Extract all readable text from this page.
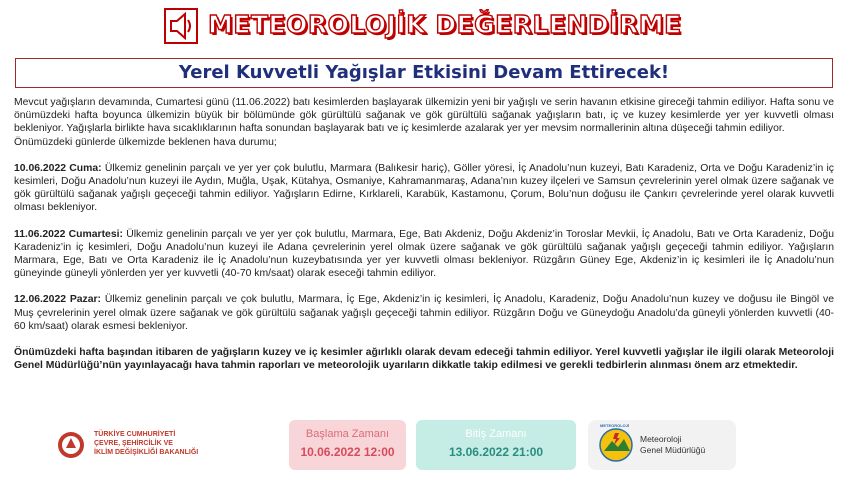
METEOROLOJİK DEĞERLENDİRME
Yerel Kuvvetli Yağışlar Etkisini Devam Ettirecek!

Mevcut yağışların devamında, Cumartesi günü (11.06.2022) batı kesimlerden başlayarak ülkemizin yeni bir yağışlı ve serin havanın etkisine gireceği tahmin ediliyor. Hafta sonu ve önümüzdeki hafta boyunca ülkemizin büyük bir bölümünde gök gürültülü sağanak ve gök gürültülü sağanak yağışların batı, iç ve kuzey kesimlerde yer yer kuvvetli olması bekleniyor. Yağışlarla birlikte hava sıcaklıklarının hafta sonundan başlayarak batı ve iç kesimlerde azalarak yer yer mevsim normallerinin altına düşeceği tahmin ediliyor.

Önümüzdeki günlerde ülkemizde beklenen hava durumu;

10.06.2022 Cuma: Ülkemiz genelinin parçalı ve yer yer çok bulutlu, Marmara (Balıkesir hariç), Göller yöresi, İç Anadolu’nun kuzeyi, Batı Karadeniz, Orta ve Doğu Karadeniz’in iç kesimleri, Doğu Anadolu’nun kuzeyi ile Aydın, Muğla, Uşak, Kütahya, Osmaniye, Kahramanmaraş, Adana’nın kuzey ilçeleri ve Samsun çevrelerinin yerel olmak üzere sağanak ve gök gürültülü sağanak yağışlı geçeceği tahmin ediliyor. Yağışların Edirne, Kırklareli, Karabük, Kastamonu, Çorum, Bolu’nun doğusu ile Çankırı çevrelerinde yerel olarak kuvvetli olması bekleniyor.

11.06.2022 Cumartesi: Ülkemiz genelinin parçalı ve yer yer çok bulutlu, Marmara, Ege, Batı Akdeniz, Doğu Akdeniz’in Toroslar Mevkii, İç Anadolu, Batı ve Orta Karadeniz, Doğu Karadeniz’in iç kesimleri, Doğu Anadolu’nun kuzeyi ile Adana çevrelerinin yerel olmak üzere sağanak ve gök gürültülü sağanak yağışlı geçeceği tahmin ediliyor. Yağışların Marmara, Ege, Batı ve Orta Karadeniz ile İç Anadolu’nun kuzeybatısında yer yer kuvvetli olması bekleniyor. Rüzgârın Güney Ege, Akdeniz’in iç kesimleri ile İç Anadolu’nun güneyinde güneyli yönlerden yer yer kuvvetli (40-70 km/saat) olarak eseceği tahmin ediliyor.

12.06.2022 Pazar: Ülkemiz genelinin parçalı ve çok bulutlu, Marmara, İç Ege, Akdeniz’in iç kesimleri, İç Anadolu, Karadeniz, Doğu Anadolu’nun kuzey ve doğusu ile Bingöl ve Muş çevrelerinin yerel olmak üzere sağanak ve gök gürültülü sağanak yağışlı geçeceği tahmin ediliyor. Rüzgârın Doğu ve Güneydoğu Anadolu’da güneyli yönlerden kuvvetli (40-60 km/saat) olarak esmesi bekleniyor.

Önümüzdeki hafta başından itibaren de yağışların kuzey ve iç kesimler ağırlıklı olarak devam edeceği tahmin ediliyor. Yerel kuvvetli yağışlar ile ilgili olarak Meteoroloji Genel Müdürlüğü’nün yayınlayacağı hava tahmin raporları ve meteorolojik uyarıların dikkatle takip edilmesi ve gerekli tedbirlerin alınması önem arz etmektedir.

TÜRKİYE CUMHURİYETİ
ÇEVRE, ŞEHİRCİLİK VE
İKLİM DEĞİŞİKLİĞİ BAKANLIĞI
Başlama Zamanı
10.06.2022 12:00
Bitiş Zamanı
13.06.2022 21:00
METEOROLOJİ
Meteoroloji
Genel Müdürlüğü
